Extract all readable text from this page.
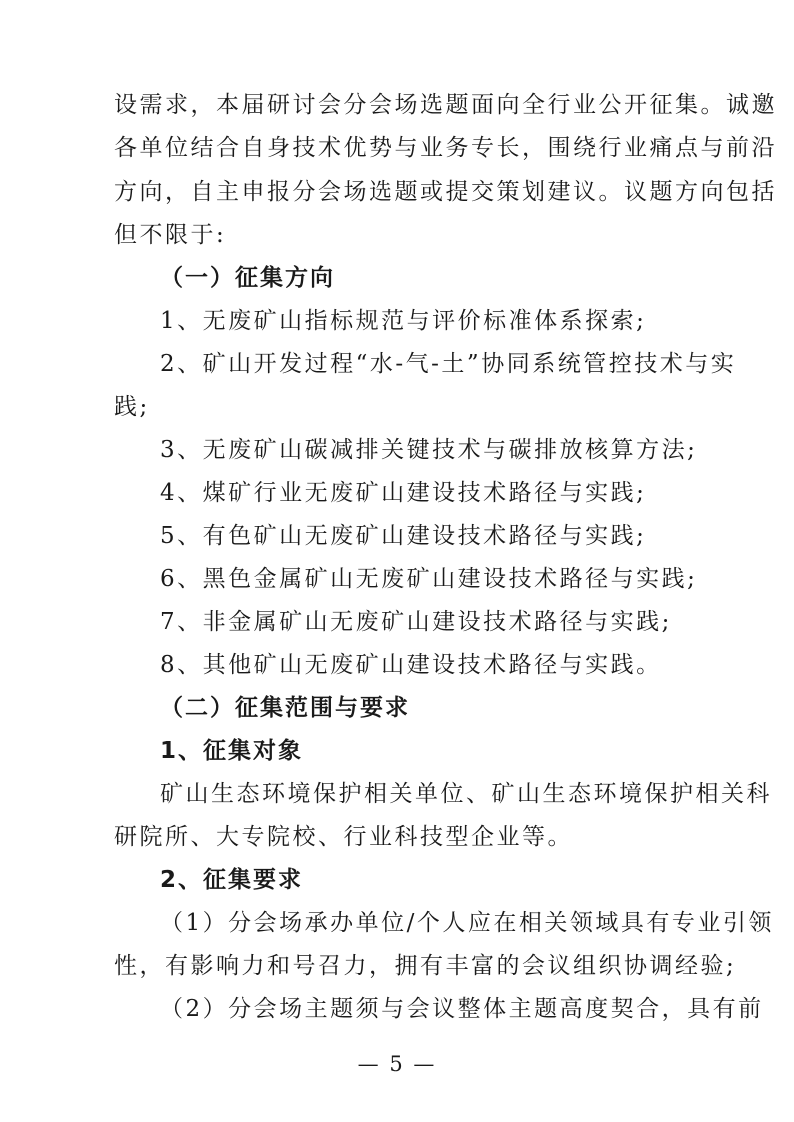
设需求，本届研讨会分会场选题面向全行业公开征集。诚邀
各单位结合自身技术优势与业务专长，围绕行业痛点与前沿
方向，自主申报分会场选题或提交策划建议。议题方向包括
但不限于:
（一）征集方向
1、无废矿山指标规范与评价标准体系探索;
2、矿山开发过程“水-气-土”协同系统管控技术与实
践;
3、无废矿山碳减排关键技术与碳排放核算方法;
4、煤矿行业无废矿山建设技术路径与实践;
5、有色矿山无废矿山建设技术路径与实践;
6、黑色金属矿山无废矿山建设技术路径与实践;
7、非金属矿山无废矿山建设技术路径与实践;
8、其他矿山无废矿山建设技术路径与实践。
（二）征集范围与要求
1、征集对象
矿山生态环境保护相关单位、矿山生态环境保护相关科
研院所、大专院校、行业科技型企业等。
2、征集要求
（1）分会场承办单位/个人应在相关领域具有专业引领
性，有影响力和号召力，拥有丰富的会议组织协调经验;
（2）分会场主题须与会议整体主题高度契合，具有前
— 5 —
